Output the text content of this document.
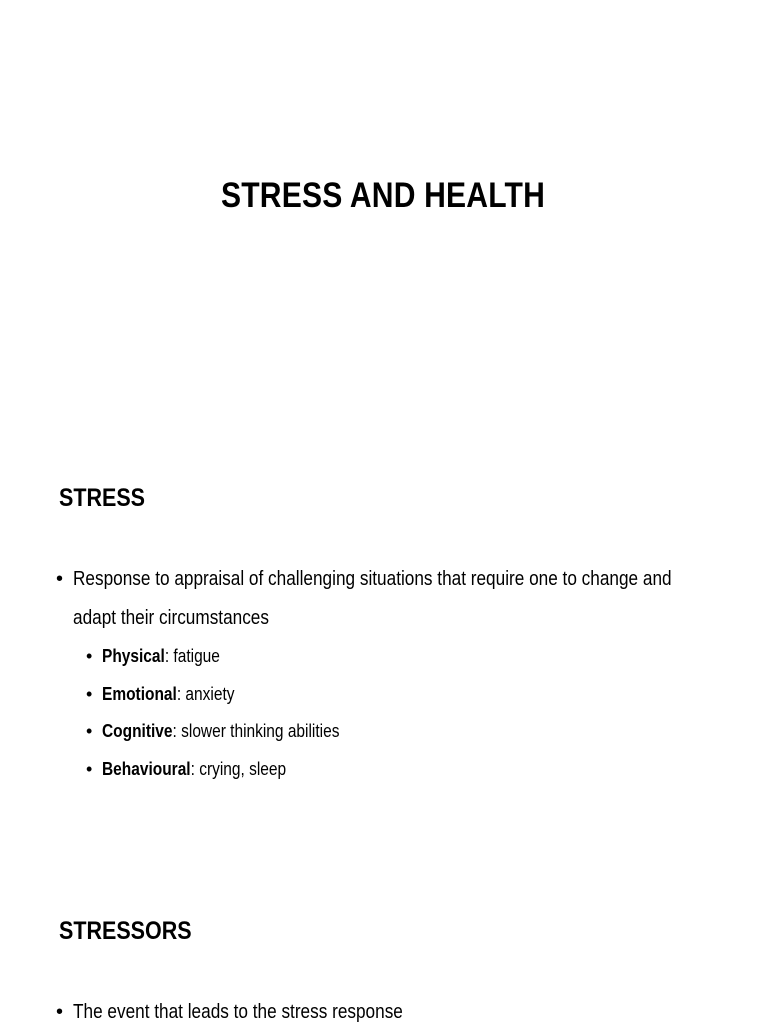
STRESS AND HEALTH
STRESS
• Response to appraisal of challenging situations that require one to change and adapt their circumstances
• Physical: fatigue
• Emotional: anxiety
• Cognitive: slower thinking abilities
• Behavioural: crying, sleep
STRESSORS
• The event that leads to the stress response
